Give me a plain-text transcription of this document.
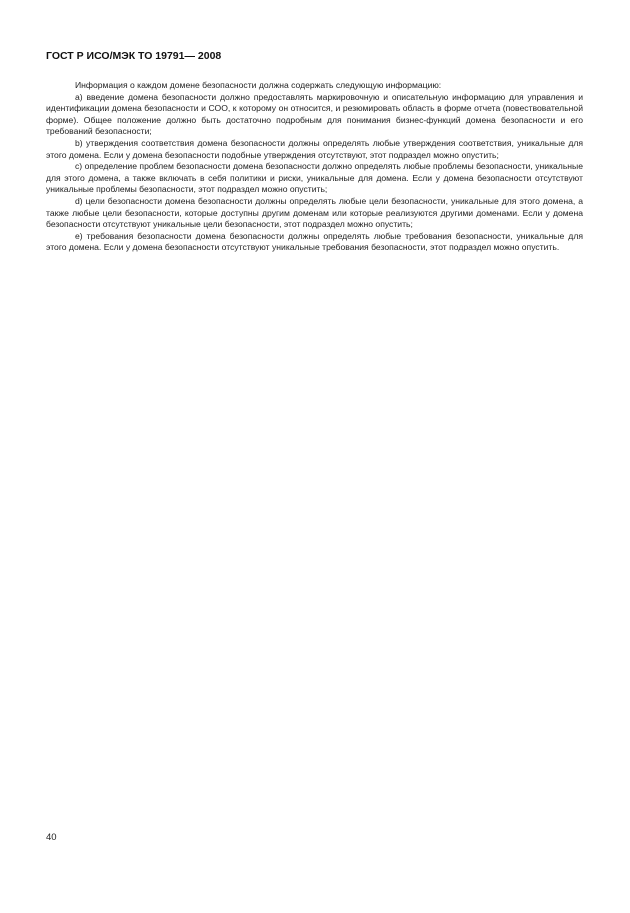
ГОСТ Р ИСО/МЭК ТО 19791— 2008

Информация о каждом домене безопасности должна содержать следующую информацию:

а) введение домена безопасности должно предоставлять маркировочную и описательную информацию для управления и идентификации домена безопасности и СОО, к которому он относится, и резюмировать область в форме отчета (повествовательной форме). Общее положение должно быть достаточно подробным для понимания бизнес-функций домена безопасности и его требований безопасности;

b) утверждения соответствия домена безопасности должны определять любые утверждения соответствия, уникальные для этого домена. Если у домена безопасности подобные утверждения отсутствуют, этот подраздел можно опустить;

c) определение проблем безопасности домена безопасности должно определять любые проблемы безопасности, уникальные для этого домена, а также включать в себя политики и риски, уникальные для домена. Если у домена безопасности отсутствуют уникальные проблемы безопасности, этот подраздел можно опустить;

d) цели безопасности домена безопасности должны определять любые цели безопасности, уникальные для этого домена, а также любые цели безопасности, которые доступны другим доменам или которые реализуются другими доменами. Если у домена безопасности отсутствуют уникальные цели безопасности, этот подраздел можно опустить;

е) требования безопасности домена безопасности должны определять любые требования безопасности, уникальные для этого домена. Если у домена безопасности отсутствуют уникальные требования безопасности, этот подраздел можно опустить.

40
